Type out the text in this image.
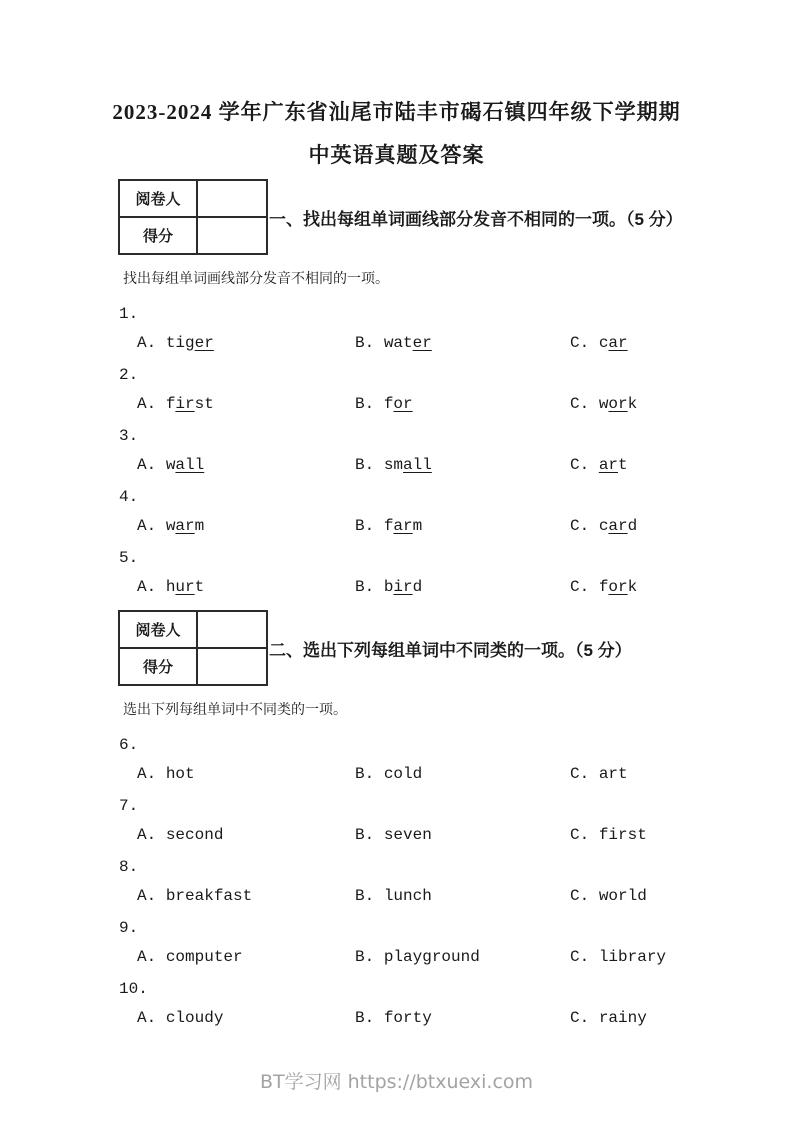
2023-2024 学年广东省汕尾市陆丰市碣石镇四年级下学期期
中英语真题及答案
阅卷人	
得分	
一、找出每组单词画线部分发音不相同的一项。（5 分）
找出每组单词画线部分发音不相同的一项。
1.
A. tiger	B. water	C. car
2.
A. first	B. for	C. work
3.
A. wall	B. small	C. art
4.
A. warm	B. farm	C. card
5.
A. hurt	B. bird	C. fork
阅卷人	
得分	
二、选出下列每组单词中不同类的一项。（5 分）
选出下列每组单词中不同类的一项。
6.
A. hot	B. cold	C. art
7.
A. second	B. seven	C. first
8.
A. breakfast	B. lunch	C. world
9.
A. computer	B. playground	C. library
10.
A. cloudy	B. forty	C. rainy
BT学习网 https://btxuexi.com
